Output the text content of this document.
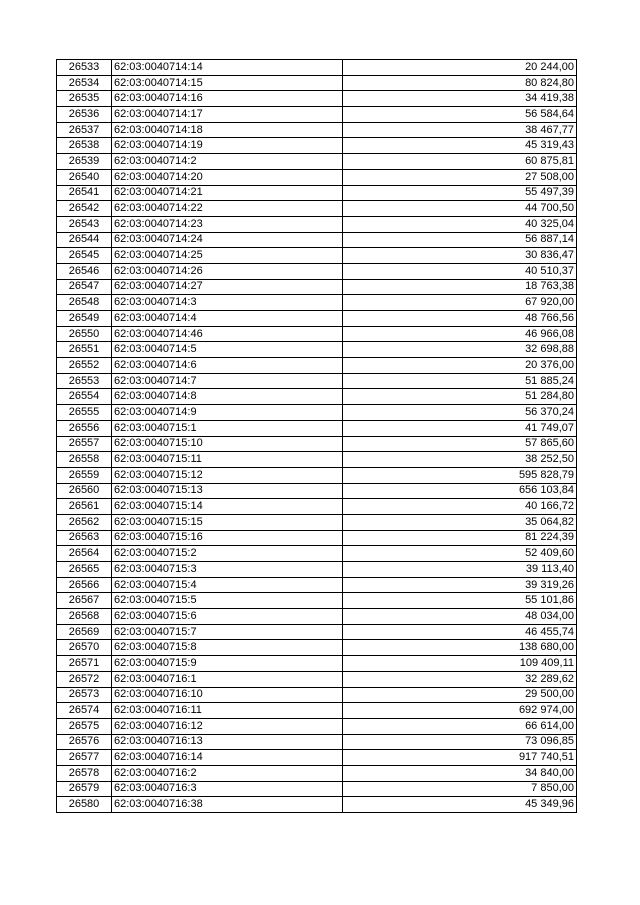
26533	62:03:0040714:14	20 244,00
26534	62:03:0040714:15	80 824,80
26535	62:03:0040714:16	34 419,38
26536	62:03:0040714:17	56 584,64
26537	62:03:0040714:18	38 467,77
26538	62:03:0040714:19	45 319,43
26539	62:03:0040714:2	60 875,81
26540	62:03:0040714:20	27 508,00
26541	62:03:0040714:21	55 497,39
26542	62:03:0040714:22	44 700,50
26543	62:03:0040714:23	40 325,04
26544	62:03:0040714:24	56 887,14
26545	62:03:0040714:25	30 836,47
26546	62:03:0040714:26	40 510,37
26547	62:03:0040714:27	18 763,38
26548	62:03:0040714:3	67 920,00
26549	62:03:0040714:4	48 766,56
26550	62:03:0040714:46	46 966,08
26551	62:03:0040714:5	32 698,88
26552	62:03:0040714:6	20 376,00
26553	62:03:0040714:7	51 885,24
26554	62:03:0040714:8	51 284,80
26555	62:03:0040714:9	56 370,24
26556	62:03:0040715:1	41 749,07
26557	62:03:0040715:10	57 865,60
26558	62:03:0040715:11	38 252,50
26559	62:03:0040715:12	595 828,79
26560	62:03:0040715:13	656 103,84
26561	62:03:0040715:14	40 166,72
26562	62:03:0040715:15	35 064,82
26563	62:03:0040715:16	81 224,39
26564	62:03:0040715:2	52 409,60
26565	62:03:0040715:3	39 113,40
26566	62:03:0040715:4	39 319,26
26567	62:03:0040715:5	55 101,86
26568	62:03:0040715:6	48 034,00
26569	62:03:0040715:7	46 455,74
26570	62:03:0040715:8	138 680,00
26571	62:03:0040715:9	109 409,11
26572	62:03:0040716:1	32 289,62
26573	62:03:0040716:10	29 500,00
26574	62:03:0040716:11	692 974,00
26575	62:03:0040716:12	66 614,00
26576	62:03:0040716:13	73 096,85
26577	62:03:0040716:14	917 740,51
26578	62:03:0040716:2	34 840,00
26579	62:03:0040716:3	7 850,00
26580	62:03:0040716:38	45 349,96
